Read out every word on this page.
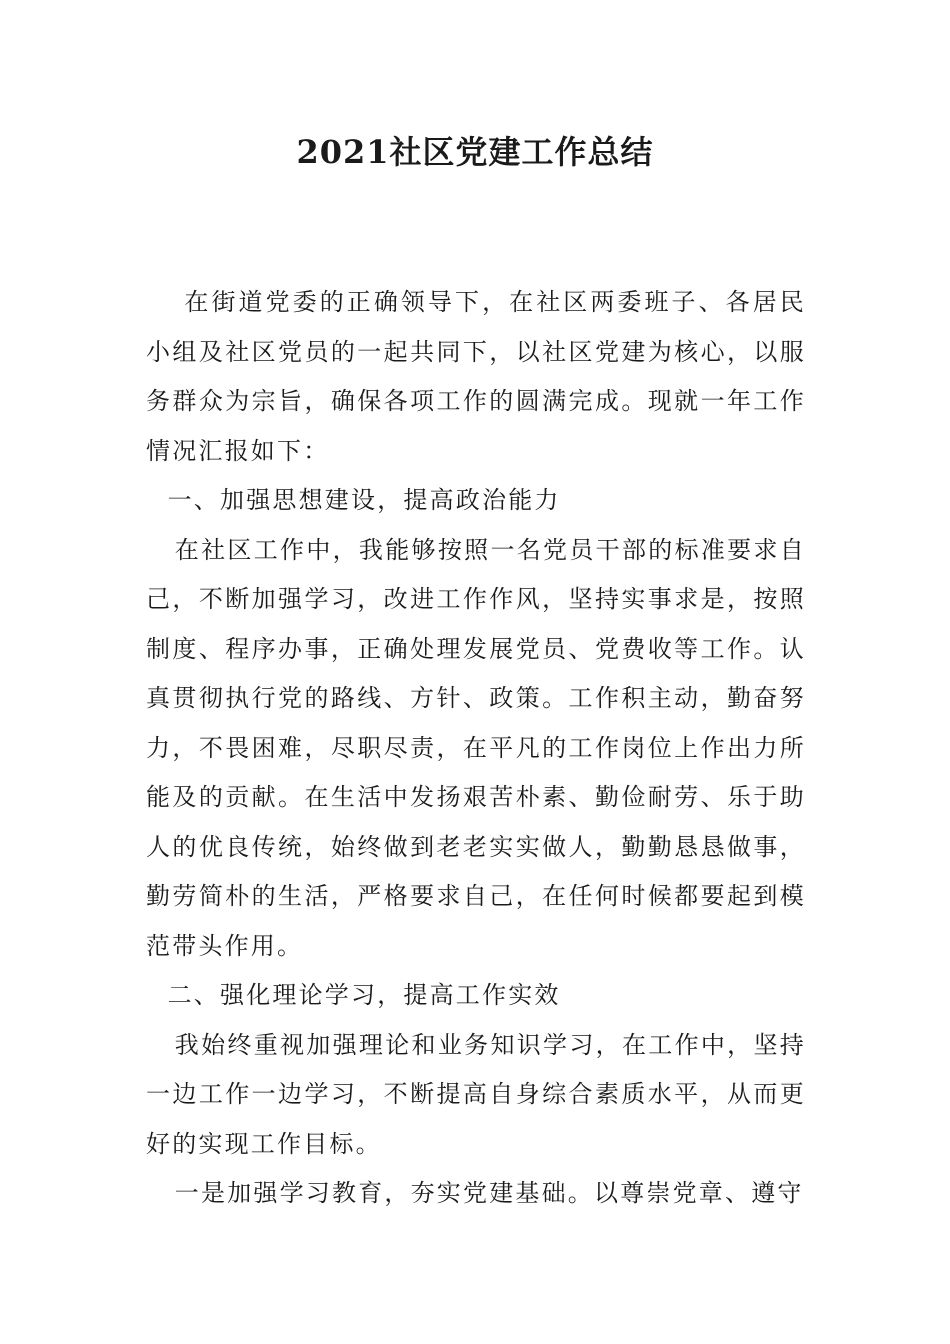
2021社区党建工作总结

在街道党委的正确领导下，在社区两委班子、各居民小组及社区党员的一起共同下，以社区党建为核心，以服务群众为宗旨，确保各项工作的圆满完成。现就一年工作情况汇报如下：

一、加强思想建设，提高政治能力

在社区工作中，我能够按照一名党员干部的标准要求自己，不断加强学习，改进工作作风，坚持实事求是，按照制度、程序办事，正确处理发展党员、党费收等工作。认真贯彻执行党的路线、方针、政策。工作积主动，勤奋努力，不畏困难，尽职尽责，在平凡的工作岗位上作出力所能及的贡献。在生活中发扬艰苦朴素、勤俭耐劳、乐于助人的优良传统，始终做到老老实实做人，勤勤恳恳做事，勤劳简朴的生活，严格要求自己，在任何时候都要起到模范带头作用。

二、强化理论学习，提高工作实效

我始终重视加强理论和业务知识学习，在工作中，坚持一边工作一边学习，不断提高自身综合素质水平，从而更好的实现工作目标。

一是加强学习教育，夯实党建基础。以尊崇党章、遵守
